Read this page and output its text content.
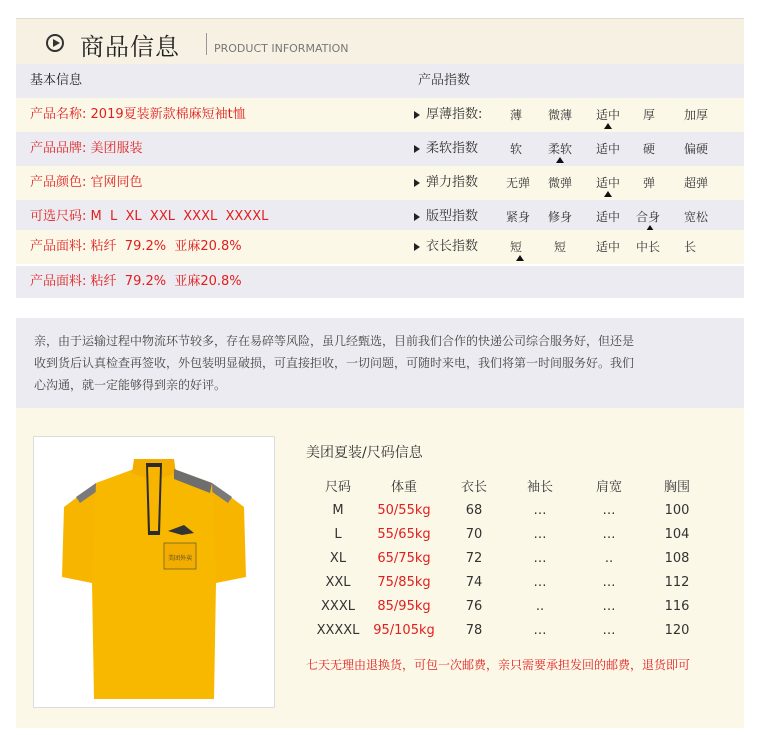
商品信息	PRODUCT INFORMATION
基本信息	产品指数
产品名称: 2019夏装新款棉麻短袖t恤	厚薄指数: 薄 微薄 适中 厚 加厚
产品品牌: 美团服装	柔软指数	软 柔软 适中 硬 偏硬
产品颜色: 官网同色	弹力指数 无弹 微弹 适中 弹 超弹
可选尺码: M  L  XL  XXL  XXXL  XXXXL	版型指数 紧身 修身 适中 合身 宽松
产品面料: 粘纤  79.2%  亚麻20.8%	衣长指数	短	短 适中 中长 长
产品面料: 粘纤  79.2%  亚麻20.8%
亲，由于运输过程中物流环节较多，存在易碎等风险，虽几经甄选，目前我们合作的快递公司综合服务好，但还是
收到货后认真检查再签收，外包装明显破损，可直接拒收，一切问题，可随时来电，我们将第一时间服务好。我们
心沟通，就一定能够得到亲的好评。
美团外卖
美团夏装/尺码信息
尺码	体重	衣长	袖长	肩宽	胸围
M	50/55kg	68	…	…	100
L	55/65kg	70	…	…	104
XL	65/75kg	72	…	..	108
XXL	75/85kg	74	…	…	112
XXXL	85/95kg	76	..	…	116
XXXXL	95/105kg	78	…	…	120
七天无理由退换货，可包一次邮费，亲只需要承担发回的邮费，退货即可
